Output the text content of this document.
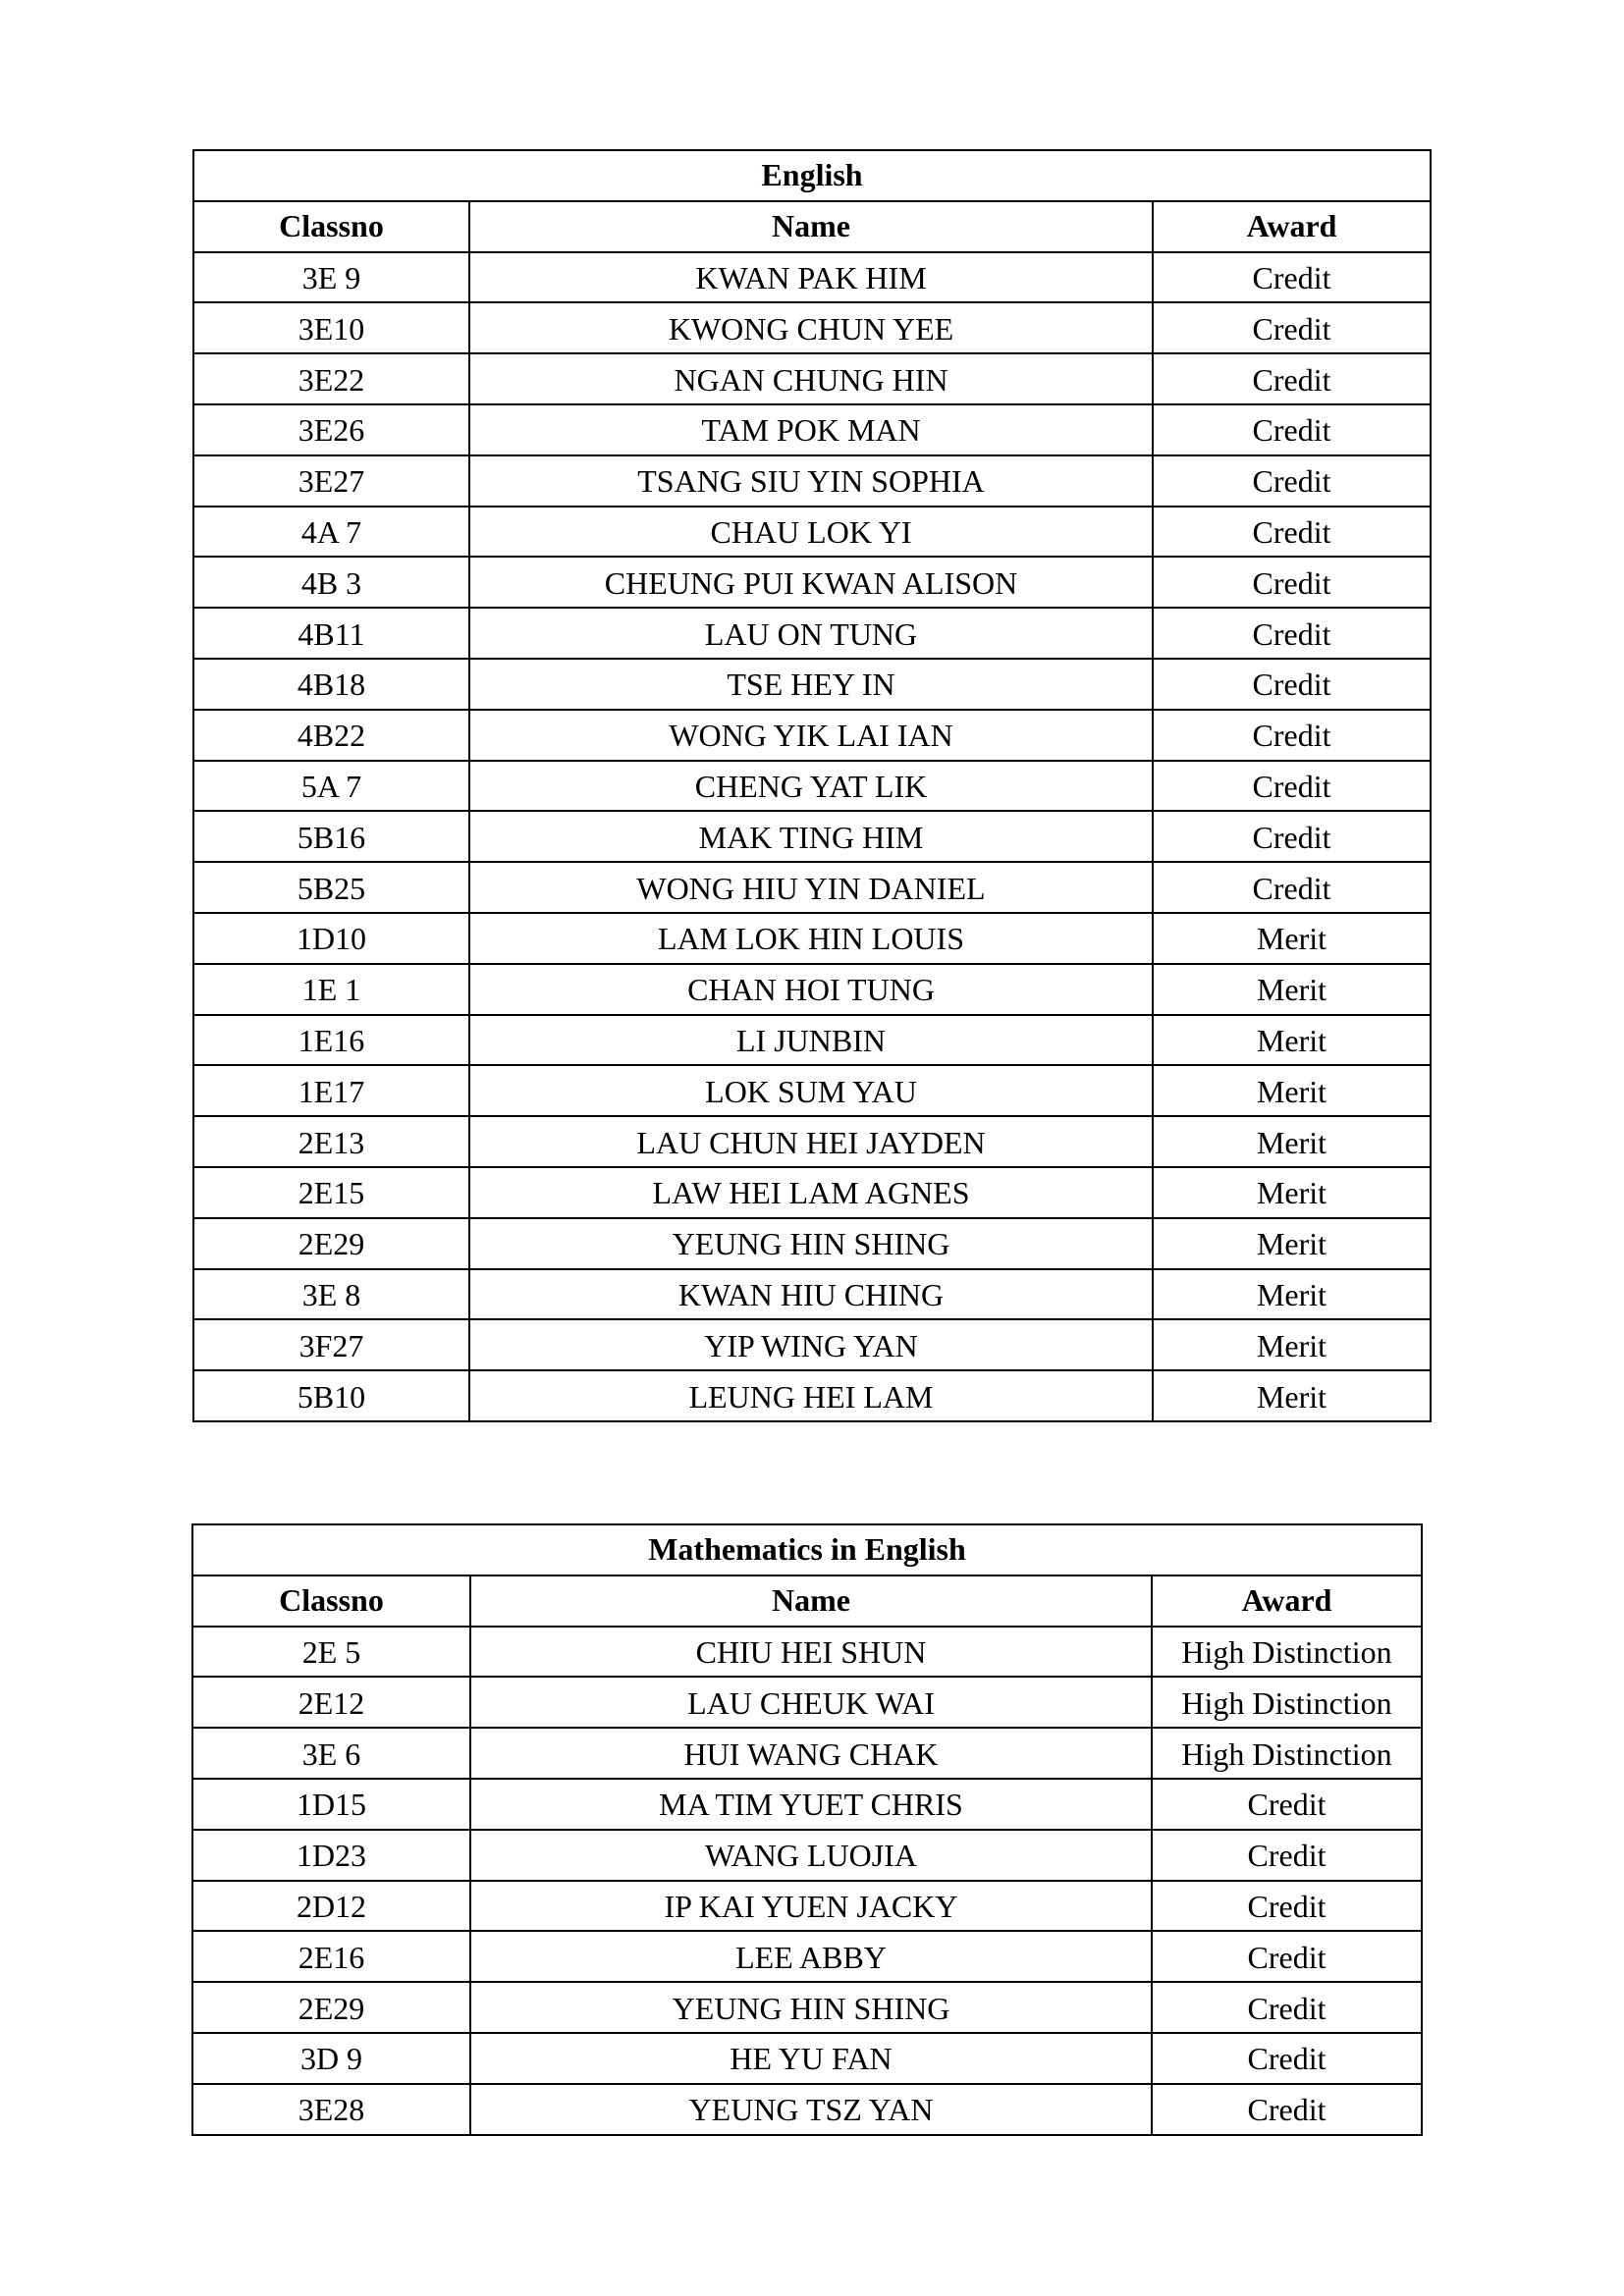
English		
Classno	Name	Award
3E 9	KWAN PAK HIM	Credit
3E10	KWONG CHUN YEE	Credit
3E22	NGAN CHUNG HIN	Credit
3E26	TAM POK MAN	Credit
3E27	TSANG SIU YIN SOPHIA	Credit
4A 7	CHAU LOK YI	Credit
4B 3	CHEUNG PUI KWAN ALISON	Credit
4B11	LAU ON TUNG	Credit
4B18	TSE HEY IN	Credit
4B22	WONG YIK LAI IAN	Credit
5A 7	CHENG YAT LIK	Credit
5B16	MAK TING HIM	Credit
5B25	WONG HIU YIN DANIEL	Credit
1D10	LAM LOK HIN LOUIS	Merit
1E 1	CHAN HOI TUNG	Merit
1E16	LI JUNBIN	Merit
1E17	LOK SUM YAU	Merit
2E13	LAU CHUN HEI JAYDEN	Merit
2E15	LAW HEI LAM AGNES	Merit
2E29	YEUNG HIN SHING	Merit
3E 8	KWAN HIU CHING	Merit
3F27	YIP WING YAN	Merit
5B10	LEUNG HEI LAM	Merit
Mathematics in English		
Classno	Name	Award
2E 5	CHIU HEI SHUN	High Distinction
2E12	LAU CHEUK WAI	High Distinction
3E 6	HUI WANG CHAK	High Distinction
1D15	MA TIM YUET CHRIS	Credit
1D23	WANG LUOJIA	Credit
2D12	IP KAI YUEN JACKY	Credit
2E16	LEE ABBY	Credit
2E29	YEUNG HIN SHING	Credit
3D 9	HE YU FAN	Credit
3E28	YEUNG TSZ YAN	Credit
